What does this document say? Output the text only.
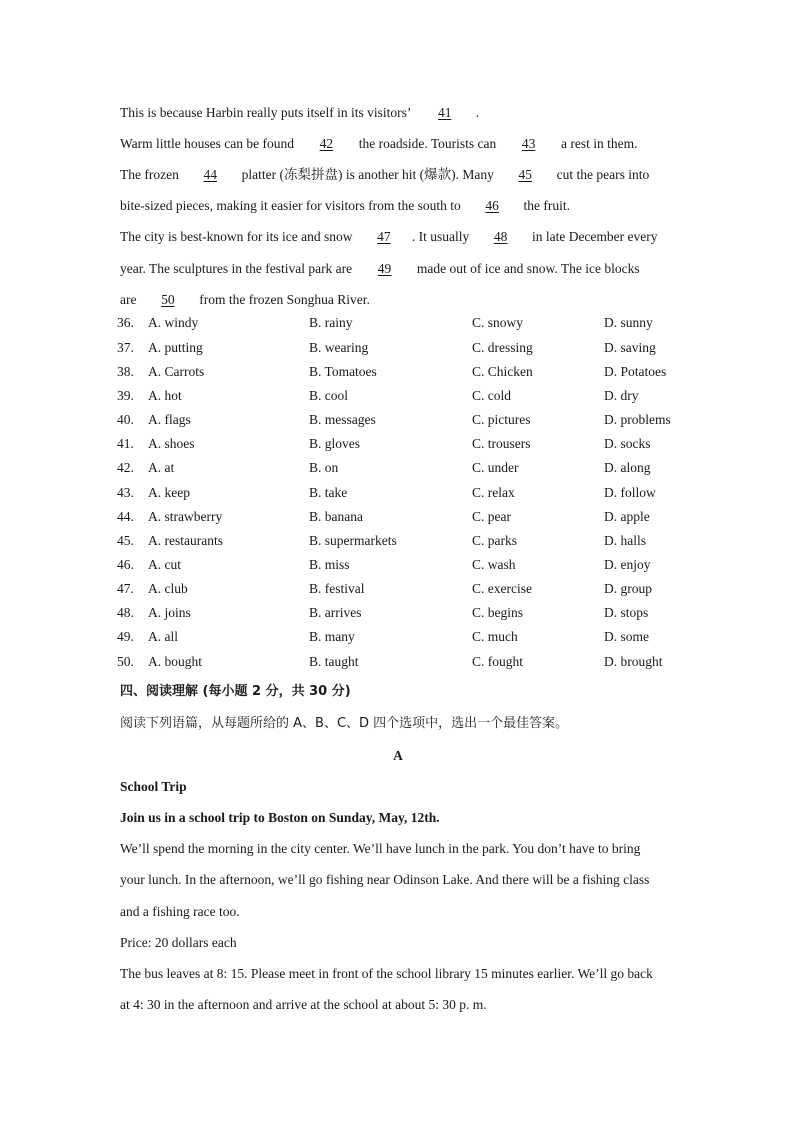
This is because Harbin really puts itself in its visitors’ 41 .
Warm little houses can be found 42 the roadside. Tourists can 43 a rest in them.
The frozen 44 platter (冻梨拼盘) is another hit (爆款). Many 45 cut the pears into
bite-sized pieces, making it easier for visitors from the south to 46 the fruit.
The city is best-known for its ice and snow 47 . It usually 48 in late December every
year. The sculptures in the festival park are 49 made out of ice and snow. The ice blocks
are 50 from the frozen Songhua River.
36. A. windy	B. rainy	C. snowy	D. sunny
37. A. putting	B. wearing	C. dressing	D. saving
38. A. Carrots	B. Tomatoes	C. Chicken	D. Potatoes
39. A. hot	B. cool	C. cold	D. dry
40. A. flags	B. messages	C. pictures	D. problems
41. A. shoes	B. gloves	C. trousers	D. socks
42. A. at	B. on	C. under	D. along
43. A. keep	B. take	C. relax	D. follow
44. A. strawberry	B. banana	C. pear	D. apple
45. A. restaurants	B. supermarkets	C. parks	D. halls
46. A. cut	B. miss	C. wash	D. enjoy
47. A. club	B. festival	C. exercise	D. group
48. A. joins	B. arrives	C. begins	D. stops
49. A. all	B. many	C. much	D. some
50. A. bought	B. taught	C. fought	D. brought
四、阅读理解 (每小题 2 分，共 30 分)
阅读下列语篇，从每题所给的 A、B、C、D 四个选项中，选出一个最佳答案。
A
School Trip
Join us in a school trip to Boston on Sunday, May, 12th.
We’ll spend the morning in the city center. We’ll have lunch in the park. You don’t have to bring
your lunch. In the afternoon, we’ll go fishing near Odinson Lake. And there will be a fishing class
and a fishing race too.
Price: 20 dollars each
The bus leaves at 8: 15. Please meet in front of the school library 15 minutes earlier. We’ll go back
at 4: 30 in the afternoon and arrive at the school at about 5: 30 p. m.
